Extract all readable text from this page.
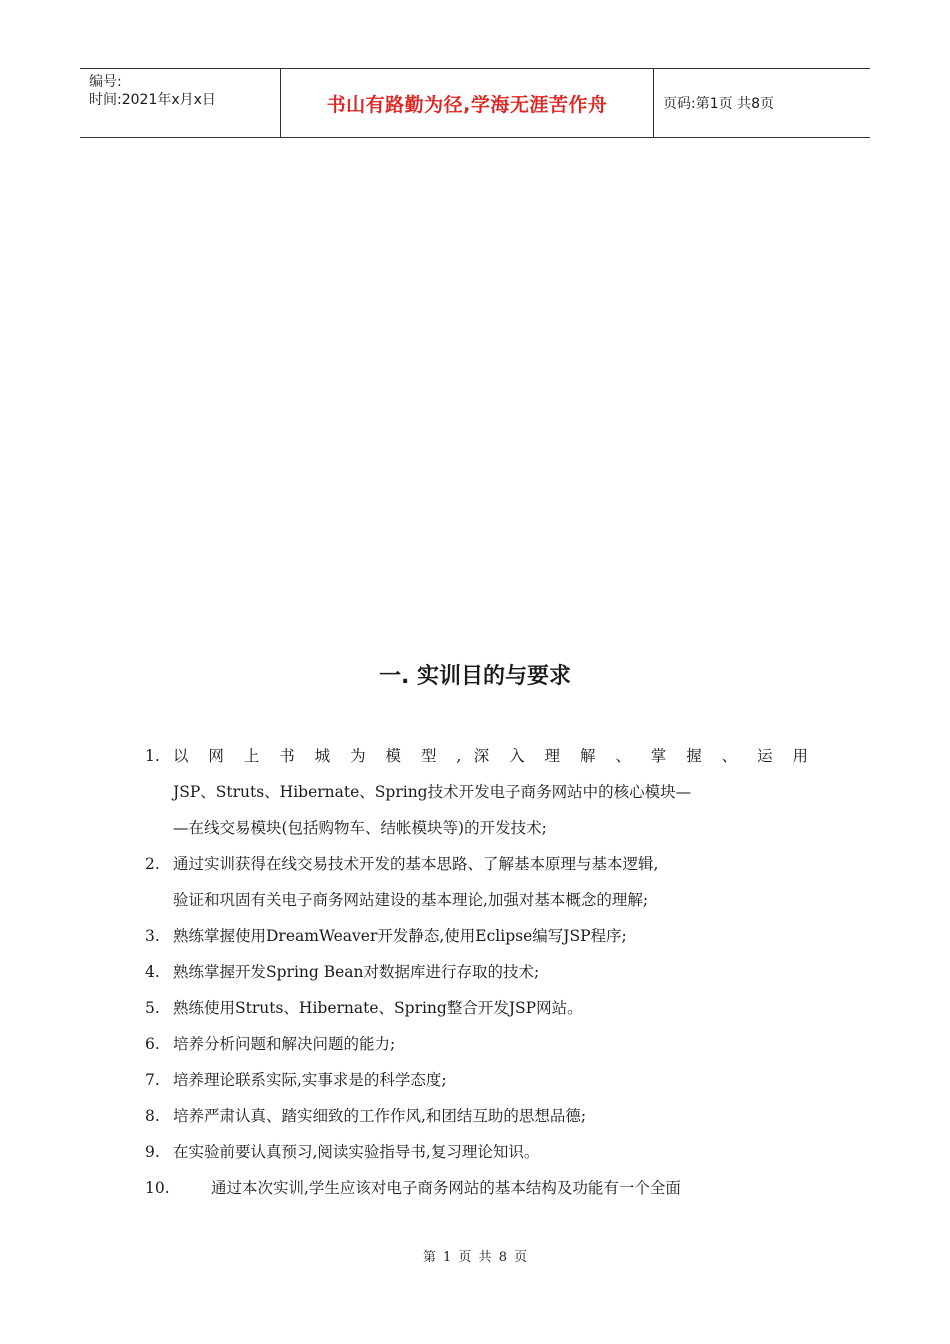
编号:
时间:2021年x月x日	书山有路勤为径,学海无涯苦作舟	页码:第1页 共8页
一. 实训目的与要求
1. 以 网 上 书 城 为 模 型 , 深 入 理 解 、 掌 握 、 运 用
JSP、Struts、Hibernate、Spring技术开发电子商务网站中的核心模块—
—在线交易模块(包括购物车、结帐模块等)的开发技术;
2. 通过实训获得在线交易技术开发的基本思路、了解基本原理与基本逻辑,
验证和巩固有关电子商务网站建设的基本理论,加强对基本概念的理解;
3. 熟练掌握使用DreamWeaver开发静态,使用Eclipse编写JSP程序;
4. 熟练掌握开发Spring Bean对数据库进行存取的技术;
5. 熟练使用Struts、Hibernate、Spring整合开发JSP网站。
6. 培养分析问题和解决问题的能力;
7. 培养理论联系实际,实事求是的科学态度;
8. 培养严肃认真、踏实细致的工作作风,和团结互助的思想品德;
9. 在实验前要认真预习,阅读实验指导书,复习理论知识。
10.	通过本次实训,学生应该对电子商务网站的基本结构及功能有一个全面
第 1 页 共 8 页
